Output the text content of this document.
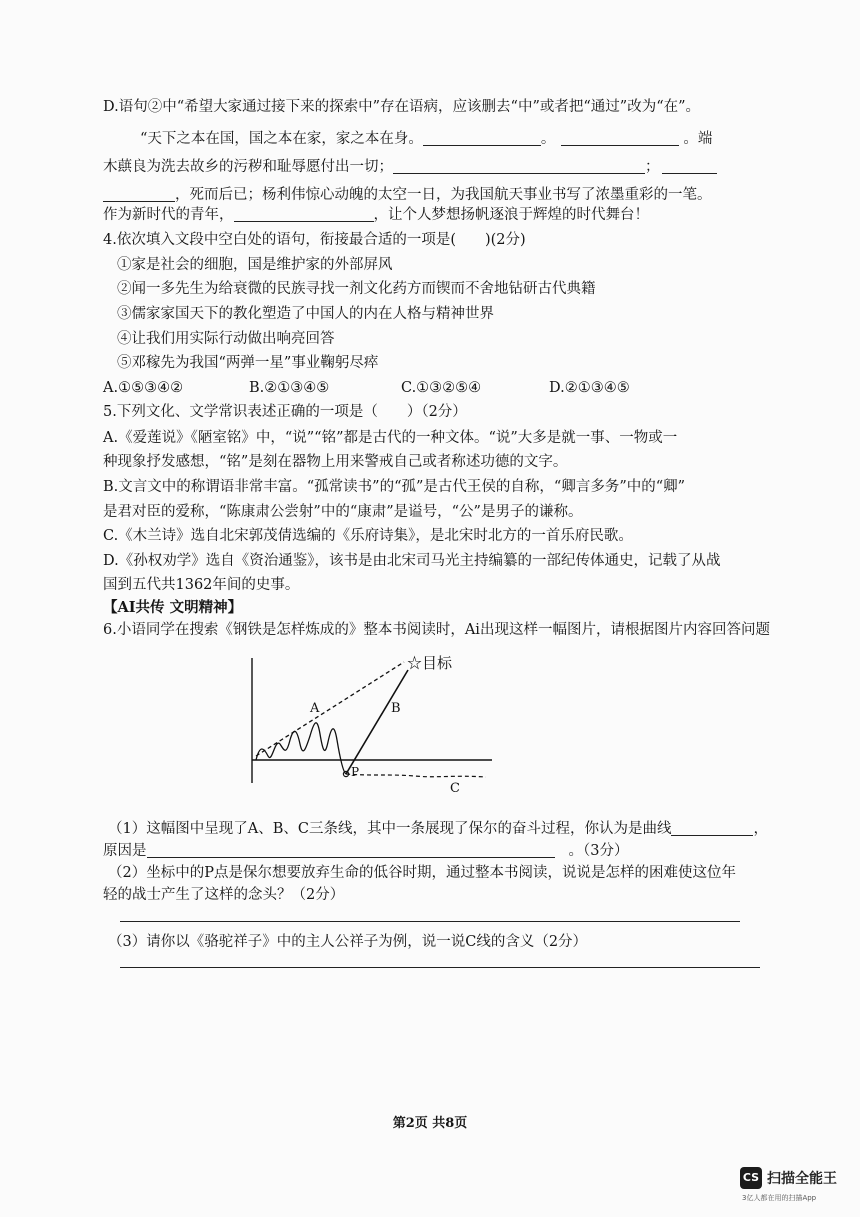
D.语句②中“希望大家通过接下来的探索中”存在语病，应该删去“中”或者把“通过”改为“在”。
“天下之本在国，国之本在家，家之本在身。	。	。端
木蕻良为洗去故乡的污秽和耻辱愿付出一切；	；
，死而后已；杨利伟惊心动魄的太空一日，为我国航天事业书写了浓墨重彩的一笔。
作为新时代的青年，	，让个人梦想扬帆逐浪于辉煌的时代舞台！
4.依次填入文段中空白处的语句，衔接最合适的一项是(　　)(2分)
①家是社会的细胞，国是维护家的外部屏风
②闻一多先生为给衰微的民族寻找一剂文化药方而锲而不舍地钻研古代典籍
③儒家家国天下的教化塑造了中国人的内在人格与精神世界
④让我们用实际行动做出响亮回答
⑤邓稼先为我国“两弹一星”事业鞠躬尽瘁
A.①⑤③④②	B.②①③④⑤	C.①③②⑤④	D.②①③④⑤
5.下列文化、文学常识表述正确的一项是（　　）（2分）
A.《爱莲说》《陋室铭》中，“说”“铭”都是古代的一种文体。“说”大多是就一事、一物或一
种现象抒发感想，“铭”是刻在器物上用来警戒自己或者称述功德的文字。
B.文言文中的称谓语非常丰富。“孤常读书”的“孤”是古代王侯的自称，“卿言多务”中的“卿”
是君对臣的爱称，“陈康肃公尝射”中的“康肃”是谥号，“公”是男子的谦称。
C.《木兰诗》选自北宋郭茂倩选编的《乐府诗集》，是北宋时北方的一首乐府民歌。
D.《孙权劝学》选自《资治通鉴》，该书是由北宋司马光主持编纂的一部纪传体通史，记载了从战
国到五代共1362年间的史事。
【AI共传 文明精神】
6.小语同学在搜索《钢铁是怎样炼成的》整本书阅读时，Ai出现这样一幅图片，请根据图片内容回答问题
☆目标
A	B
C
P
（1）这幅图中呈现了A、B、C三条线，其中一条展现了保尔的奋斗过程，你认为是曲线	，
原因是	。（3分）
（2）坐标中的P点是保尔想要放弃生命的低谷时期，通过整本书阅读，说说是怎样的困难使这位年
轻的战士产生了这样的念头？（2分）
（3）请你以《骆驼祥子》中的主人公祥子为例，说一说C线的含义（2分）
第2页 共8页
CS 扫描全能王
3亿人都在用的扫描App
